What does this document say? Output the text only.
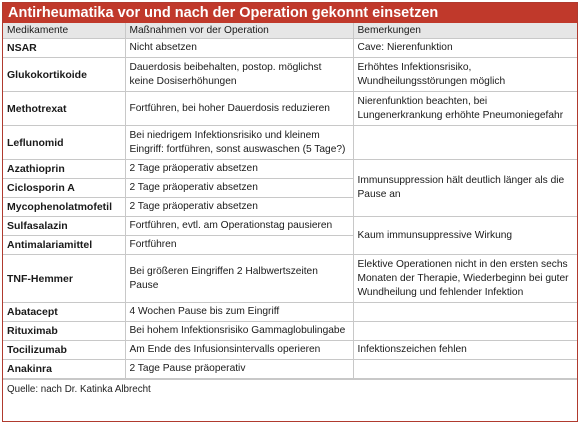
Antirheumatika vor und nach der Operation gekonnt einsetzen
Medikamente	Maßnahmen vor der Operation	Bemerkungen
NSAR	Nicht absetzen	Cave: Nierenfunktion
Glukokortikoide	Dauerdosis beibehalten, postop. möglichst keine Dosiserhöhungen	Erhöhtes Infektionsrisiko, Wundheilungsstörungen möglich
Methotrexat	Fortführen, bei hoher Dauerdosis reduzieren	Nierenfunktion beachten, bei Lungenerkrankung erhöhte Pneumoniegefahr
Leflunomid	Bei niedrigem Infektionsrisiko und kleinem Eingriff: fortführen, sonst auswaschen (5 Tage?)	
Azathioprin	2 Tage präoperativ absetzen	Immunsuppression hält deutlich länger als die Pause an
Ciclosporin A	2 Tage präoperativ absetzen	
Mycophenolatmofetil	2 Tage präoperativ absetzen	
Sulfasalazin	Fortführen, evtl. am Operationstag pausieren	Kaum immunsuppressive Wirkung
Antimalariamittel	Fortführen	
TNF-Hemmer	Bei größeren Eingriffen 2 Halbwertszeiten Pause	Elektive Operationen nicht in den ersten sechs Monaten der Therapie, Wiederbeginn bei guter Wundheilung und fehlender Infektion
Abatacept	4 Wochen Pause bis zum Eingriff	
Rituximab	Bei hohem Infektionsrisiko Gammaglobulingabe	
Tocilizumab	Am Ende des Infusionsintervalls operieren	Infektionszeichen fehlen
Anakinra	2 Tage Pause präoperativ	
Quelle: nach Dr. Katinka Albrecht
